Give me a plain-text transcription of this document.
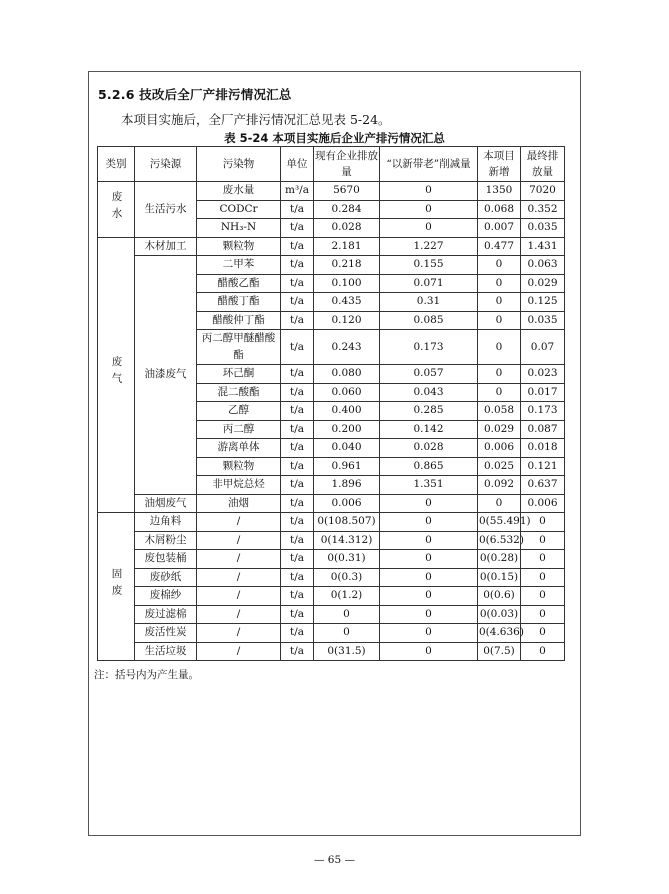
5.2.6 技改后全厂产排污情况汇总
本项目实施后，全厂产排污情况汇总见表 5-24。
表 5-24 本项目实施后企业产排污情况汇总
类别	污染源	污染物	单位	现有企业排放量	“以新带老”削减量	本项目新增	最终排放量
废水	生活污水	废水量	m³/a	5670	0	1350	7020
		CODCr	t/a	0.284	0	0.068	0.352
		NH₃-N	t/a	0.028	0	0.007	0.035
废气	木材加工	颗粒物	t/a	2.181	1.227	0.477	1.431
	油漆废气	二甲苯	t/a	0.218	0.155	0	0.063
		醋酸乙酯	t/a	0.100	0.071	0	0.029
		醋酸丁酯	t/a	0.435	0.31	0	0.125
		醋酸仲丁酯	t/a	0.120	0.085	0	0.035
		丙二醇甲醚醋酸酯	t/a	0.243	0.173	0	0.07
		环己酮	t/a	0.080	0.057	0	0.023
		混二酸酯	t/a	0.060	0.043	0	0.017
		乙醇	t/a	0.400	0.285	0.058	0.173
		丙二醇	t/a	0.200	0.142	0.029	0.087
		游离单体	t/a	0.040	0.028	0.006	0.018
		颗粒物	t/a	0.961	0.865	0.025	0.121
		非甲烷总烃	t/a	1.896	1.351	0.092	0.637
	油烟废气	油烟	t/a	0.006	0	0	0.006
固废	边角料	/	t/a	0(108.507)	0	0(55.491)	0
	木屑粉尘	/	t/a	0(14.312)	0	0(6.532)	0
	废包装桶	/	t/a	0(0.31)	0	0(0.28)	0
	废砂纸	/	t/a	0(0.3)	0	0(0.15)	0
	废棉纱	/	t/a	0(1.2)	0	0(0.6)	0
	废过滤棉	/	t/a	0	0	0(0.03)	0
	废活性炭	/	t/a	0	0	0(4.636)	0
	生活垃圾	/	t/a	0(31.5)	0	0(7.5)	0
注：括号内为产生量。
— 65 —
